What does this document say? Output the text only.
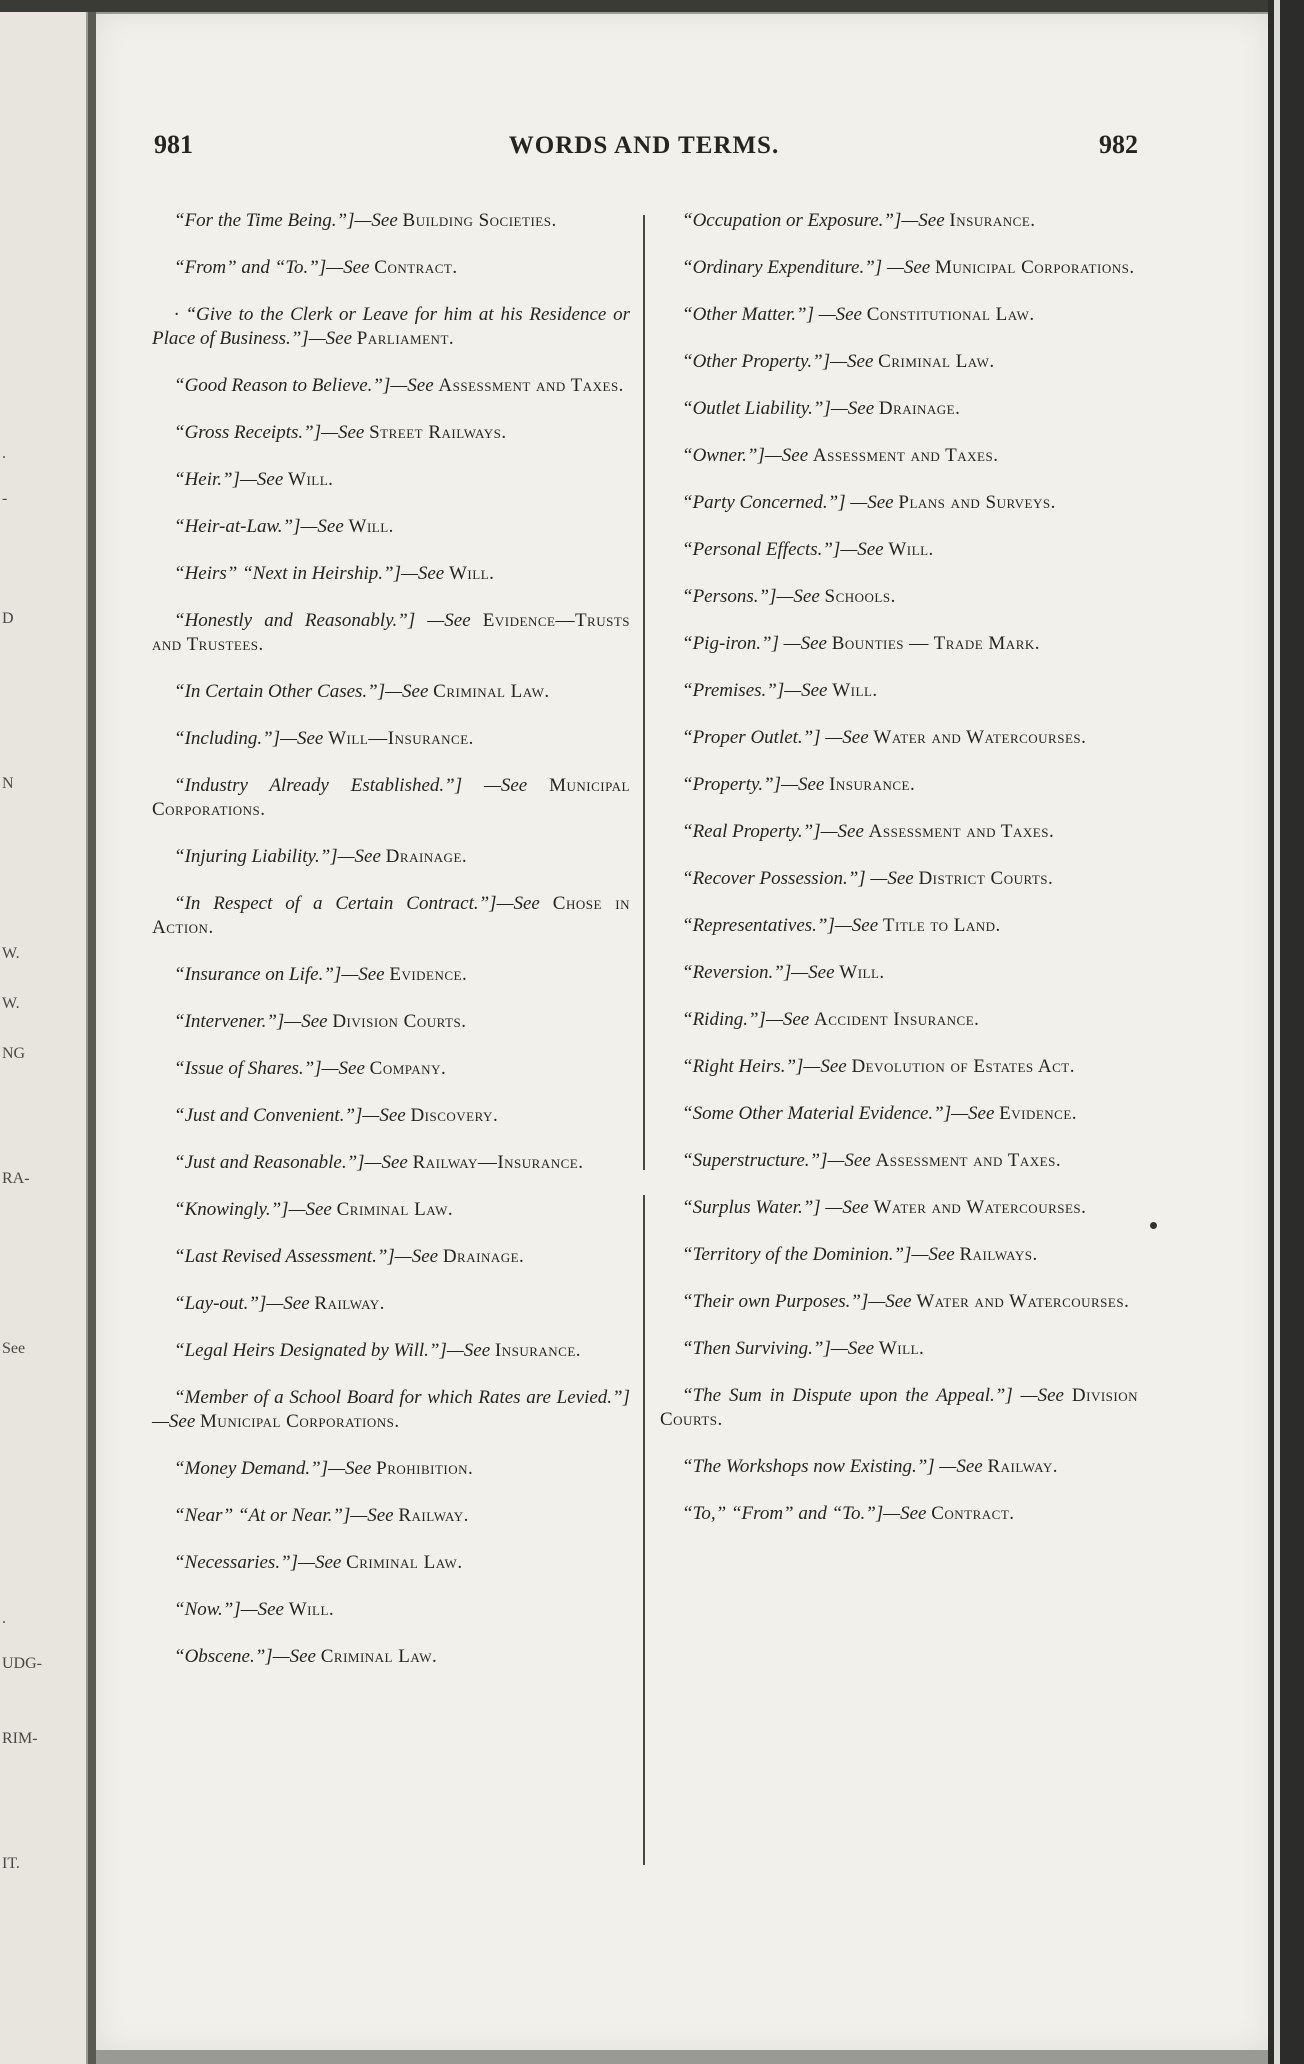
.
-
D
N
W.
W.
NG
RA-
See
.
UDG-
RIM-
IT.
981	WORDS AND TERMS.	982

“For the Time Being.”]—See Building Societies.

“From” and “To.”]—See Contract.

· “Give to the Clerk or Leave for him at his Residence or Place of Business.”]—See Parliament.

“Good Reason to Believe.”]—See Assessment and Taxes.

“Gross Receipts.”]—See Street Railways.

“Heir.”]—See Will.

“Heir-at-Law.”]—See Will.

“Heirs” “Next in Heirship.”]—See Will.

“Honestly and Reasonably.”] —See Evidence—Trusts and Trustees.

“In Certain Other Cases.”]—See Criminal Law.

“Including.”]—See Will—Insurance.

“Industry Already Established.”] —See Municipal Corporations.

“Injuring Liability.”]—See Drainage.

“In Respect of a Certain Contract.”]—See Chose in Action.

“Insurance on Life.”]—See Evidence.

“Intervener.”]—See Division Courts.

“Issue of Shares.”]—See Company.

“Just and Convenient.”]—See Discovery.

“Just and Reasonable.”]—See Railway—Insurance.

“Knowingly.”]—See Criminal Law.

“Last Revised Assessment.”]—See Drainage.

“Lay-out.”]—See Railway.

“Legal Heirs Designated by Will.”]—See Insurance.

“Member of a School Board for which Rates are Levied.”] —See Municipal Corporations.

“Money Demand.”]—See Prohibition.

“Near” “At or Near.”]—See Railway.

“Necessaries.”]—See Criminal Law.

“Now.”]—See Will.

“Obscene.”]—See Criminal Law.

“Occupation or Exposure.”]—See Insurance.

“Ordinary Expenditure.”] —See Municipal Corporations.

“Other Matter.”] —See Constitutional Law.

“Other Property.”]—See Criminal Law.

“Outlet Liability.”]—See Drainage.

“Owner.”]—See Assessment and Taxes.

“Party Concerned.”] —See Plans and Surveys.

“Personal Effects.”]—See Will.

“Persons.”]—See Schools.

“Pig-iron.”] —See Bounties — Trade Mark.

“Premises.”]—See Will.

“Proper Outlet.”] —See Water and Watercourses.

“Property.”]—See Insurance.

“Real Property.”]—See Assessment and Taxes.

“Recover Possession.”] —See District Courts.

“Representatives.”]—See Title to Land.

“Reversion.”]—See Will.

“Riding.”]—See Accident Insurance.

“Right Heirs.”]—See Devolution of Estates Act.

“Some Other Material Evidence.”]—See Evidence.

“Superstructure.”]—See Assessment and Taxes.

“Surplus Water.”] —See Water and Watercourses.

“Territory of the Dominion.”]—See Railways.

“Their own Purposes.”]—See Water and Watercourses.

“Then Surviving.”]—See Will.

“The Sum in Dispute upon the Appeal.”] —See Division Courts.

“The Workshops now Existing.”] —See Railway.

“To,” “From” and “To.”]—See Contract.
